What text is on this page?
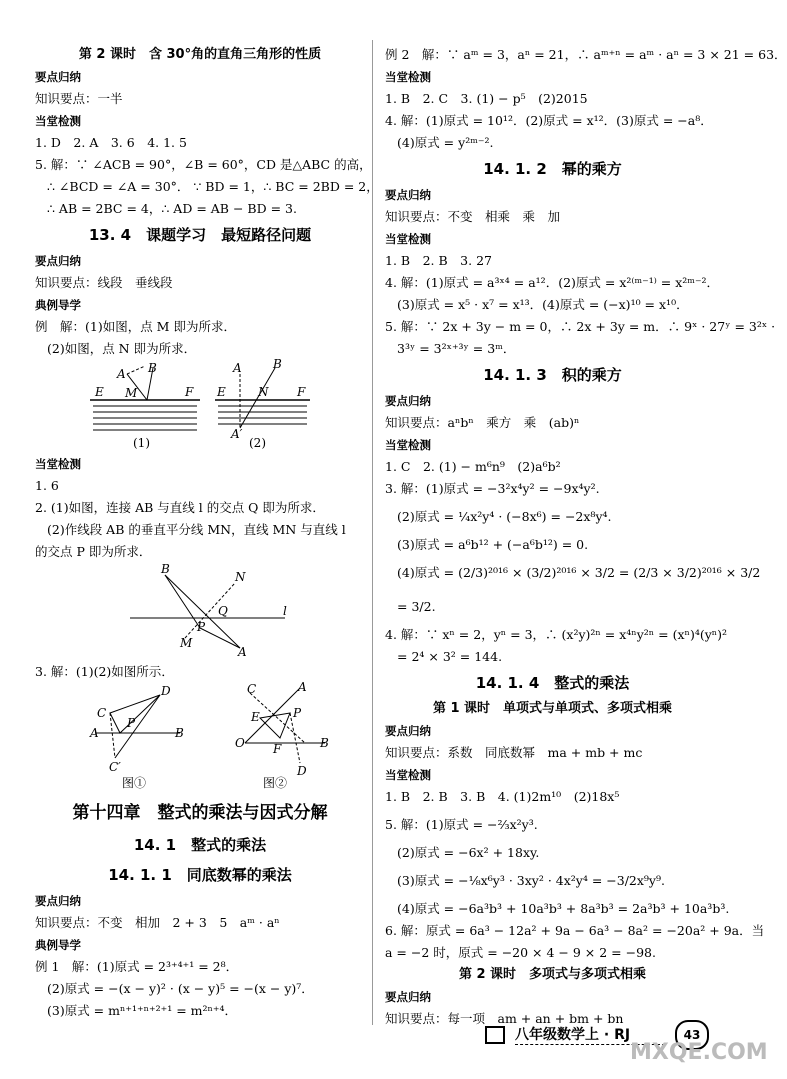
第 2 课时　含 30°角的直角三角形的性质
要点归纳
知识要点：一半
当堂检测
1. D　2. A　3. 6　4. 1. 5
5. 解：∵ ∠ACB = 90°，∠B = 60°，CD 是△ABC 的高，
∴ ∠BCD = ∠A = 30°． ∵ BD = 1，∴ BC = 2BD = 2，
∴ AB = 2BC = 4，∴ AD = AB − BD = 3.
13. 4　课题学习　最短路径问题
要点归纳
知识要点：线段　垂线段
典例导学
例　解：(1)如图，点 M 即为所求．
(2)如图，点 N 即为所求．
A B
E M	F
(1)
A	B
E	N F
A′
(2)
当堂检测
1. 6
2. (1)如图，连接 AB 与直线 l 的交点 Q 即为所求．
(2)作线段 AB 的垂直平分线 MN，直线 MN 与直线 l
的交点 P 即为所求．
B
N
Q	l
P
M
A
3. 解：(1)(2)如图所示．
C
D
P
A	B
C′
图①
C	A
E	P
O F	B
D
图②
第十四章　整式的乘法与因式分解
14. 1　整式的乘法
14. 1. 1　同底数幂的乘法
要点归纳
知识要点：不变　相加　2 + 3　5　aᵐ · aⁿ
典例导学
例 1　解：(1)原式 = 2³⁺⁴⁺¹ = 2⁸．
(2)原式 = −(x − y)² · (x − y)⁵ = −(x − y)⁷．
(3)原式 = mⁿ⁺¹⁺ⁿ⁺²⁺¹ = m²ⁿ⁺⁴．
例 2　解：∵ aᵐ = 3，aⁿ = 21，∴ aᵐ⁺ⁿ = aᵐ · aⁿ = 3 × 21 = 63．
当堂检测
1. B　2. C　3. (1) − p⁵　(2)2015
4. 解：(1)原式 = 10¹²．(2)原式 = x¹²．(3)原式 = −a⁸．
(4)原式 = y²ᵐ⁻².
14. 1. 2　幂的乘方
要点归纳
知识要点：不变　相乘　乘　加
当堂检测
1. B　2. B　3. 27
4. 解：(1)原式 = a³ˣ⁴ = a¹²．(2)原式 = x²⁽ᵐ⁻¹⁾ = x²ᵐ⁻²．
(3)原式 = x⁵ · x⁷ = x¹³．(4)原式 = (−x)¹⁰ = x¹⁰．
5. 解：∵ 2x + 3y − m = 0，∴ 2x + 3y = m．∴ 9ˣ · 27ʸ = 3²ˣ ·
3³ʸ = 3²ˣ⁺³ʸ = 3ᵐ．
14. 1. 3　积的乘方
要点归纳
知识要点：aⁿbⁿ　乘方　乘　(ab)ⁿ
当堂检测
1. C　2. (1) − m⁶n⁹　(2)a⁶b²
3. 解：(1)原式 = −3²x⁴y² = −9x⁴y².
(2)原式 = ¼x²y⁴ · (−8x⁶) = −2x⁸y⁴.
(3)原式 = a⁶b¹² + (−a⁶b¹²) = 0.
(4)原式 = (2/3)²⁰¹⁶ × (3/2)²⁰¹⁶ × 3/2 = (2/3 × 3/2)²⁰¹⁶ × 3/2
= 3/2.
4. 解：∵ xⁿ = 2，yⁿ = 3，∴ (x²y)²ⁿ = x⁴ⁿy²ⁿ = (xⁿ)⁴(yⁿ)²
= 2⁴ × 3² = 144.
14. 1. 4　整式的乘法
第 1 课时　单项式与单项式、多项式相乘
要点归纳
知识要点：系数　同底数幂　ma + mb + mc
当堂检测
1. B　2. B　3. B　4. (1)2m¹⁰　(2)18x⁵
5. 解：(1)原式 = −⅔x²y³.
(2)原式 = −6x² + 18xy.
(3)原式 = −⅛x⁶y³ · 3xy² · 4x²y⁴ = −3/2x⁹y⁹.
(4)原式 = −6a³b³ + 10a³b³ + 8a³b³ = 2a³b³ + 10a³b³.
6. 解：原式 = 6a³ − 12a² + 9a − 6a³ − 8a² = −20a² + 9a．当
a = −2 时，原式 = −20 × 4 − 9 × 2 = −98.
第 2 课时　多项式与多项式相乘
要点归纳
知识要点：每一项　am + an + bm + bn
八年级数学上 · RJ	43
MXQE.COM
